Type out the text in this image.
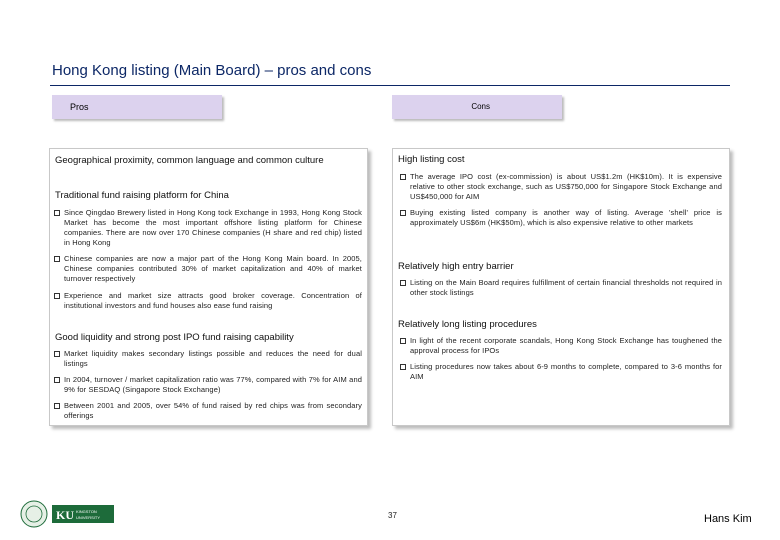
Hong Kong listing (Main Board) – pros and cons
Pros	Cons
Geographical proximity, common language and common culture
Traditional fund raising platform for China
Since Qingdao Brewery listed in Hong Kong tock Exchange in 1993, Hong Kong Stock Market has become the most important offshore listing platform for Chinese companies. There are now over 170 Chinese companies (H share and red chip) listed in Hong Kong
Chinese companies are now a major part of the Hong Kong Main board. In 2005, Chinese companies contributed 30% of market capitalization and 40% of market turnover respectively
Experience and market size attracts good broker coverage. Concentration of institutional investors and fund houses also ease fund raising
Good liquidity and strong post IPO fund raising capability
Market liquidity makes secondary listings possible and reduces the need for dual listings
In 2004, turnover / market capitalization ratio was 77%, compared with 7% for AIM and 9% for SESDAQ (Singapore Stock Exchange)
Between 2001 and 2005, over 54% of fund raised by red chips was from secondary offerings
High listing cost
The average IPO cost (ex-commission) is about US$1.2m (HK$10m). It is expensive relative to other stock exchange, such as US$750,000 for Singapore Stock Exchange and US$450,000 for AIM
Buying existing listed company is another way of listing. Average 'shell' price is approximately US$6m (HK$50m), which is also expensive relative to other markets
Relatively high entry barrier
Listing on the Main Board requires fulfillment of certain financial thresholds not required in other stock listings
Relatively long listing procedures
In light of the recent corporate scandals, Hong Kong Stock Exchange has toughened the approval process for IPOs
Listing procedures now takes about 6-9 months to complete, compared to 3-6 months for AIM
KU KINGSTON
UNIVERSITY	37	Hans Kim
